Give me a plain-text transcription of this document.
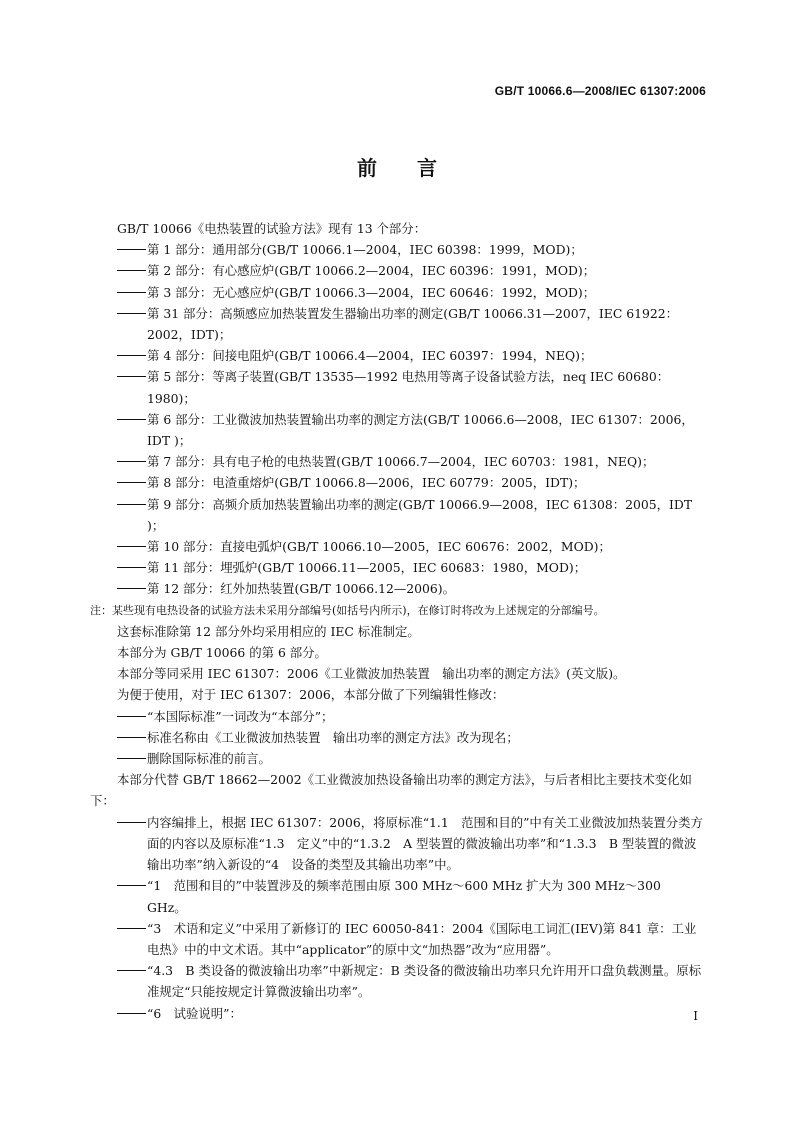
GB/T 10066.6—2008/IEC 61307:2006
前 言

GB/T 10066《电热装置的试验方法》现有 13 个部分：

第 1 部分：通用部分(GB/T 10066.1—2004，IEC 60398：1999，MOD)；

第 2 部分：有心感应炉(GB/T 10066.2—2004，IEC 60396：1991，MOD)；

第 3 部分：无心感应炉(GB/T 10066.3—2004，IEC 60646：1992，MOD)；

第 31 部分：高频感应加热装置发生器输出功率的测定(GB/T 10066.31—2007，IEC 61922：2002，IDT)；

第 4 部分：间接电阻炉(GB/T 10066.4—2004，IEC 60397：1994，NEQ)；

第 5 部分：等离子装置(GB/T 13535—1992 电热用等离子设备试验方法，neq IEC 60680：1980)；

第 6 部分：工业微波加热装置输出功率的测定方法(GB/T 10066.6—2008，IEC 61307：2006，IDT )；

第 7 部分：具有电子枪的电热装置(GB/T 10066.7—2004，IEC 60703：1981，NEQ)；

第 8 部分：电渣重熔炉(GB/T 10066.8—2006，IEC 60779：2005，IDT)；

第 9 部分：高频介质加热装置输出功率的测定(GB/T 10066.9—2008，IEC 61308：2005，IDT )；

第 10 部分：直接电弧炉(GB/T 10066.10—2005，IEC 60676：2002，MOD)；

第 11 部分：埋弧炉(GB/T 10066.11—2005，IEC 60683：1980，MOD)；

第 12 部分：红外加热装置(GB/T 10066.12—2006)。

注：某些现有电热设备的试验方法未采用分部编号(如括号内所示)，在修订时将改为上述规定的分部编号。

这套标准除第 12 部分外均采用相应的 IEC 标准制定。

本部分为 GB/T 10066 的第 6 部分。

本部分等同采用 IEC 61307：2006《工业微波加热装置　输出功率的测定方法》(英文版)。

为便于使用，对于 IEC 61307：2006，本部分做了下列编辑性修改：

“本国际标准”一词改为“本部分”；

标准名称由《工业微波加热装置　输出功率的测定方法》改为现名；

删除国际标准的前言。

本部分代替 GB/T 18662—2002《工业微波加热设备输出功率的测定方法》，与后者相比主要技术变化如下：

内容编排上，根据 IEC 61307：2006，将原标准“1.1　范围和目的”中有关工业微波加热装置分类方面的内容以及原标准“1.3　定义”中的“1.3.2　A 型装置的微波输出功率”和“1.3.3　B 型装置的微波输出功率”纳入新设的“4　设备的类型及其输出功率”中。

“1　范围和目的”中装置涉及的频率范围由原 300 MHz～600 MHz 扩大为 300 MHz～300 GHz。

“3　术语和定义”中采用了新修订的 IEC 60050-841：2004《国际电工词汇(IEV)第 841 章：工业电热》中的中文术语。其中“applicator”的原中文“加热器”改为“应用器”。

“4.3　B 类设备的微波输出功率”中新规定：B 类设备的微波输出功率只允许用开口盘负载测量。原标准规定“只能按规定计算微波输出功率”。

“6　试验说明”：	I
